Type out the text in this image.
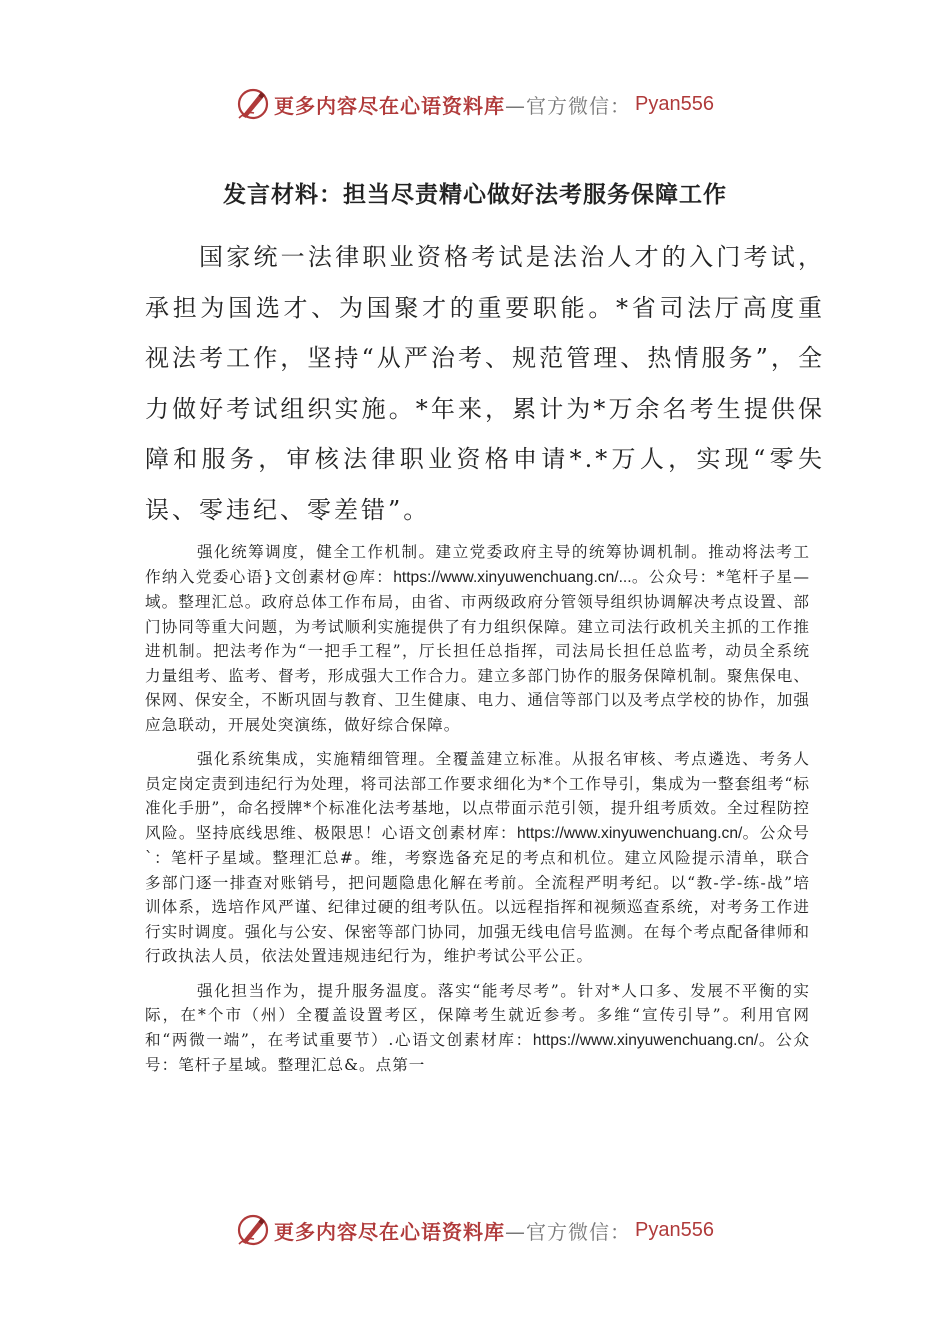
更多内容尽在心语资料库 —官方微信： Pyan556
发言材料：担当尽责精心做好法考服务保障工作

国家统一法律职业资格考试是法治人才的入门考试，承担为国选才、为国聚才的重要职能。*省司法厅高度重视法考工作，坚持“从严治考、规范管理、热情服务”，全力做好考试组织实施。*年来，累计为*万余名考生提供保障和服务，审核法律职业资格申请*.*万人，实现“零失误、零违纪、零差错”。

强化统筹调度，健全工作机制。建立党委政府主导的统筹协调机制。推动将法考工作纳入党委心语}文创素材@库：https://www.xinyuwenchuang.cn/...。公众号：*笔杆子星—域。整理汇总。政府总体工作布局，由省、市两级政府分管领导组织协调解决考点设置、部门协同等重大问题，为考试顺利实施提供了有力组织保障。建立司法行政机关主抓的工作推进机制。把法考作为“一把手工程”，厅长担任总指挥，司法局长担任总监考，动员全系统力量组考、监考、督考，形成强大工作合力。建立多部门协作的服务保障机制。聚焦保电、保网、保安全，不断巩固与教育、卫生健康、电力、通信等部门以及考点学校的协作，加强应急联动，开展处突演练，做好综合保障。

强化系统集成，实施精细管理。全覆盖建立标准。从报名审核、考点遴选、考务人员定岗定责到违纪行为处理，将司法部工作要求细化为*个工作导引，集成为一整套组考“标准化手册”，命名授牌*个标准化法考基地，以点带面示范引领，提升组考质效。全过程防控风险。坚持底线思维、极限思！心语文创素材库：https://www.xinyuwenchuang.cn/。公众号`：笔杆子星域。整理汇总#。维，考察选备充足的考点和机位。建立风险提示清单，联合多部门逐一排查对账销号，把问题隐患化解在考前。全流程严明考纪。以“教-学-练-战”培训体系，选培作风严谨、纪律过硬的组考队伍。以远程指挥和视频巡查系统，对考务工作进行实时调度。强化与公安、保密等部门协同，加强无线电信号监测。在每个考点配备律师和行政执法人员，依法处置违规违纪行为，维护考试公平公正。

强化担当作为，提升服务温度。落实“能考尽考”。针对*人口多、发展不平衡的实际，在*个市（州）全覆盖设置考区，保障考生就近参考。多维“宣传引导”。利用官网和“两微一端”，在考试重要节）.心语文创素材库：https://www.xinyuwenchuang.cn/。公众号：笔杆子星域。整理汇总&。点第一

更多内容尽在心语资料库 —官方微信： Pyan556
